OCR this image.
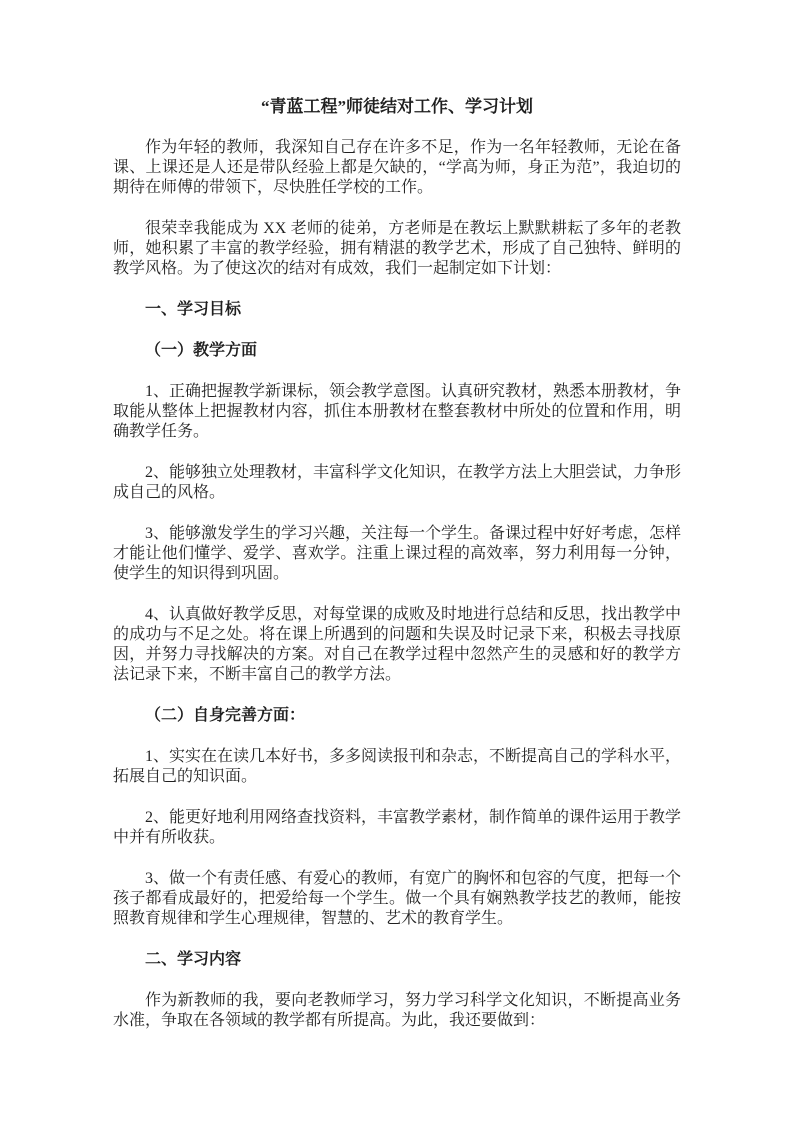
“青蓝工程”师徒结对工作、学习计划

作为年轻的教师，我深知自己存在许多不足，作为一名年轻教师，无论在备课、上课还是人还是带队经验上都是欠缺的，“学高为师，身正为范”，我迫切的期待在师傅的带领下，尽快胜任学校的工作。

很荣幸我能成为 XX 老师的徒弟，方老师是在教坛上默默耕耘了多年的老教师，她积累了丰富的教学经验，拥有精湛的教学艺术，形成了自己独特、鲜明的教学风格。为了使这次的结对有成效，我们一起制定如下计划：

一、学习目标
（一）教学方面

1、正确把握教学新课标，领会教学意图。认真研究教材，熟悉本册教材，争取能从整体上把握教材内容，抓住本册教材在整套教材中所处的位置和作用，明确教学任务。

2、能够独立处理教材，丰富科学文化知识，在教学方法上大胆尝试，力争形成自己的风格。

3、能够激发学生的学习兴趣，关注每一个学生。备课过程中好好考虑，怎样才能让他们懂学、爱学、喜欢学。注重上课过程的高效率，努力利用每一分钟，使学生的知识得到巩固。

4、认真做好教学反思，对每堂课的成败及时地进行总结和反思，找出教学中的成功与不足之处。将在课上所遇到的问题和失误及时记录下来，积极去寻找原因，并努力寻找解决的方案。对自己在教学过程中忽然产生的灵感和好的教学方法记录下来，不断丰富自己的教学方法。

（二）自身完善方面：

1、实实在在读几本好书，多多阅读报刊和杂志，不断提高自己的学科水平，拓展自己的知识面。

2、能更好地利用网络查找资料，丰富教学素材，制作简单的课件运用于教学中并有所收获。

3、做一个有责任感、有爱心的教师，有宽广的胸怀和包容的气度，把每一个孩子都看成最好的，把爱给每一个学生。做一个具有娴熟教学技艺的教师，能按照教育规律和学生心理规律，智慧的、艺术的教育学生。

二、学习内容

作为新教师的我，要向老教师学习，努力学习科学文化知识，不断提高业务水准，争取在各领域的教学都有所提高。为此，我还要做到：
